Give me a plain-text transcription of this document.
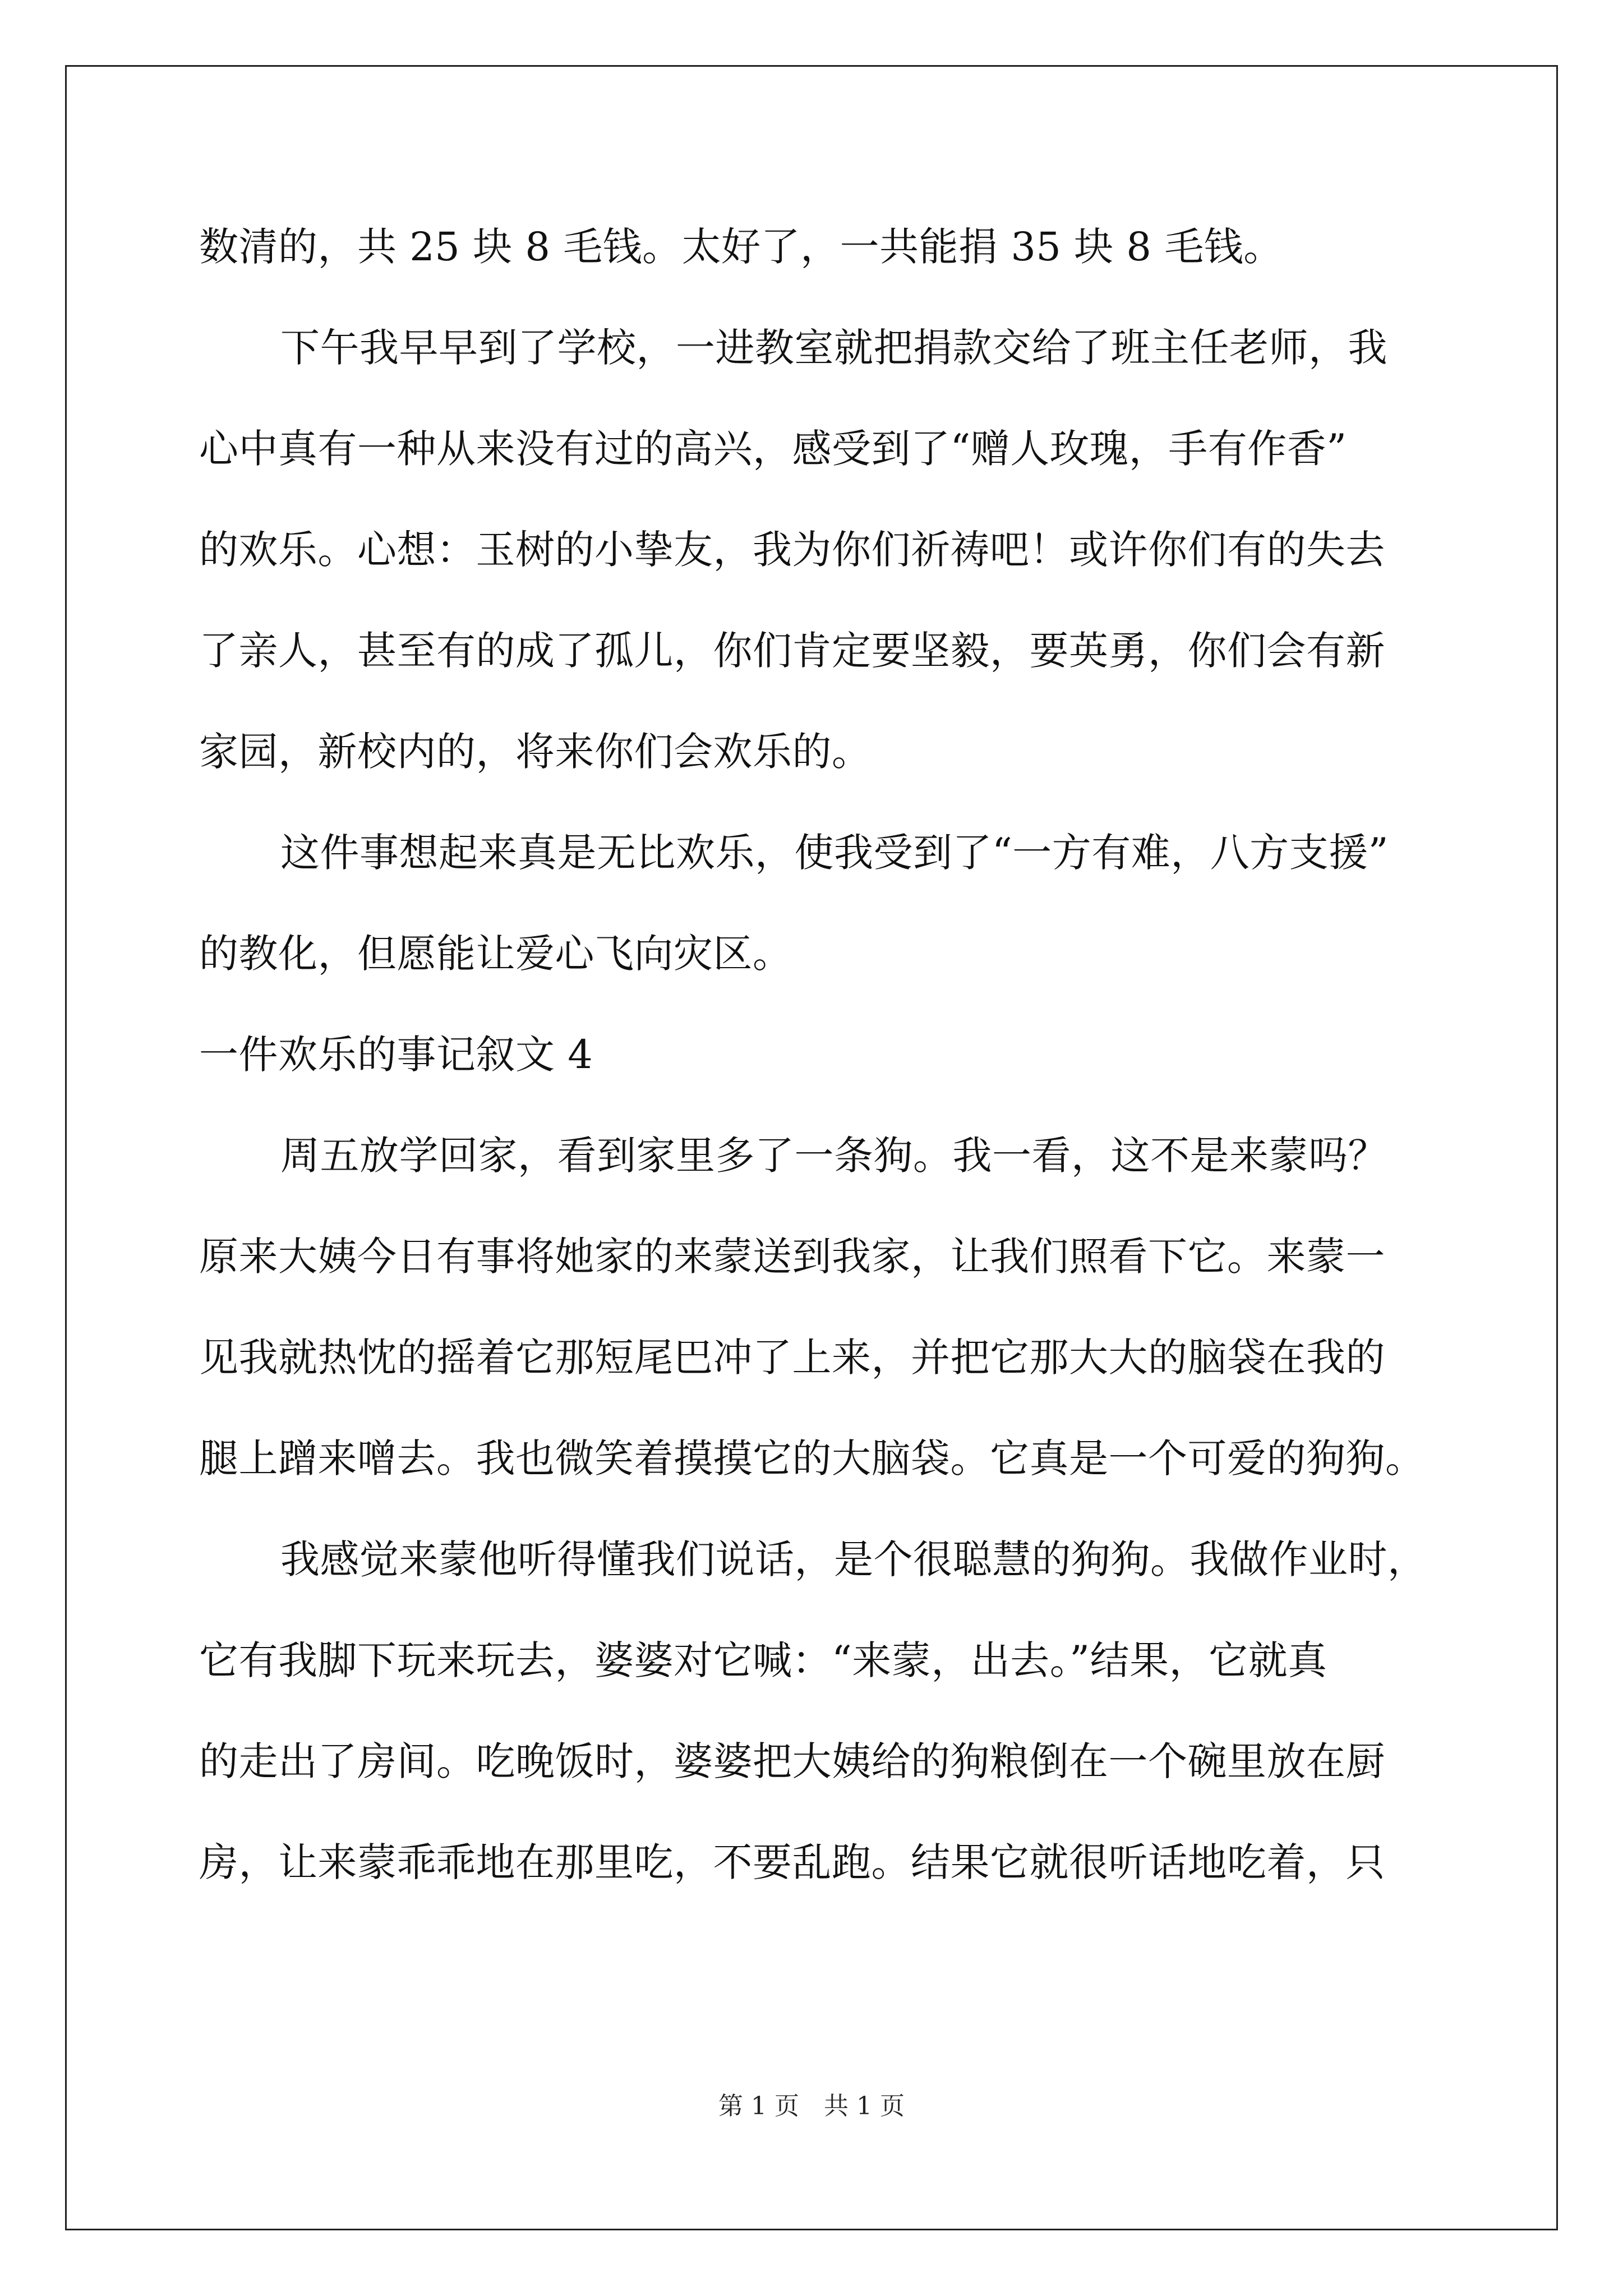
数清的，共 25 块 8 毛钱。太好了，一共能捐 35 块 8 毛钱。
下午我早早到了学校，一进教室就把捐款交给了班主任老师，我
心中真有一种从来没有过的高兴，感受到了“赠人玫瑰，手有作香”
的欢乐。心想：玉树的小挚友，我为你们祈祷吧！或许你们有的失去
了亲人，甚至有的成了孤儿，你们肯定要坚毅，要英勇，你们会有新
家园，新校内的，将来你们会欢乐的。
这件事想起来真是无比欢乐，使我受到了“一方有难，八方支援”
的教化，但愿能让爱心飞向灾区。
一件欢乐的事记叙文 4
周五放学回家，看到家里多了一条狗。我一看，这不是来蒙吗？
原来大姨今日有事将她家的来蒙送到我家，让我们照看下它。来蒙一
见我就热忱的摇着它那短尾巴冲了上来，并把它那大大的脑袋在我的
腿上蹭来噌去。我也微笑着摸摸它的大脑袋。它真是一个可爱的狗狗。
我感觉来蒙他听得懂我们说话，是个很聪慧的狗狗。我做作业时，
它有我脚下玩来玩去，婆婆对它喊：“来蒙，出去。”结果，它就真
的走出了房间。吃晚饭时，婆婆把大姨给的狗粮倒在一个碗里放在厨
房，让来蒙乖乖地在那里吃，不要乱跑。结果它就很听话地吃着，只
第 1 页　共 1 页
